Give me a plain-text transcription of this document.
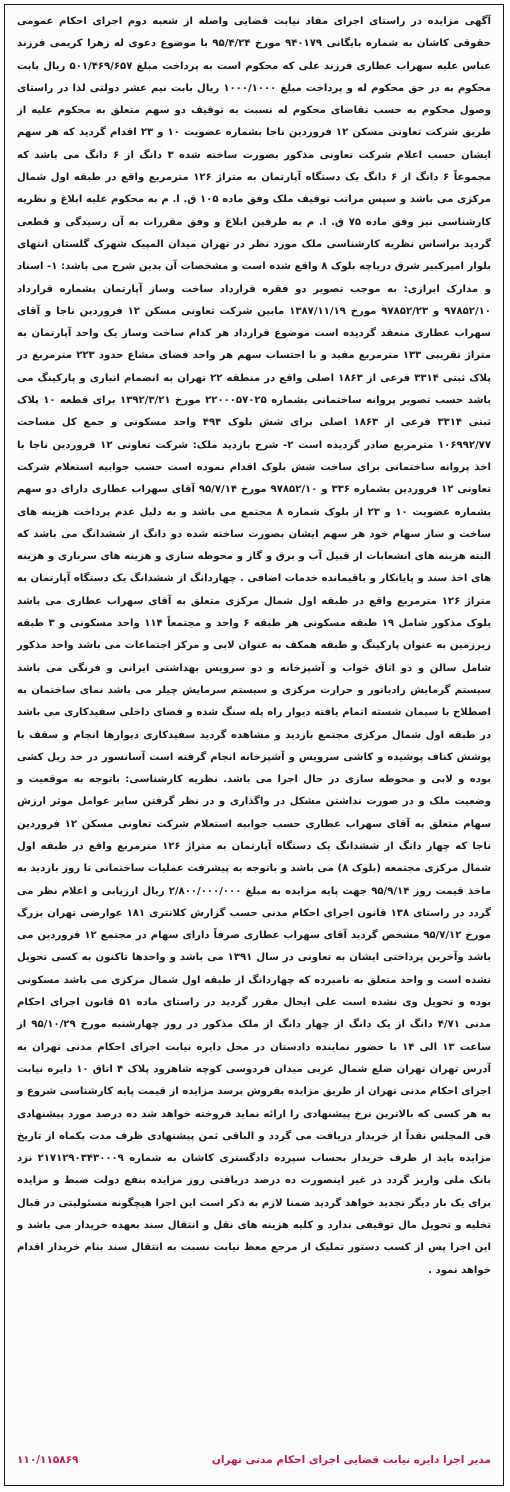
آگهی مزایده در راستای اجرای مفاد نیابت قضایی واصله از شعبه دوم اجرای احکام عمومی حقوقی کاشان به شماره بایگانی ۹۴۰۱۷۹ مورخ ۹۵/۴/۲۴ با موضوع دعوی له زهرا کریمی فرزند عباس علیه سهراب عطاری فرزند علی که محکوم است به پرداخت مبلغ ۵۰۱/۴۶۹/۶۵۷ ریال بابت محکوم به در حق محکوم له و پرداخت مبلغ ۱۰۰۰/۱۰۰۰ ریال بابت نیم عشر دولتی لذا در راستای وصول محکوم به حسب تقاضای محکوم له نسبت به توقیف دو سهم متعلق به محکوم علیه از طریق شرکت تعاونی مسکن ۱۲ فروردین ناجا بشماره عضویت ۱۰ و ۲۳ اقدام گردید که هر سهم ایشان حسب اعلام شرکت تعاونی مذکور بصورت ساخته شده ۳ دانگ از ۶ دانگ می باشد که مجموعاً ۶ دانگ از ۶ دانگ یک دستگاه آپارتمان به متراژ ۱۲۶ مترمربع واقع در طبقه اول شمال مرکزی می باشد و سپس مراتب توقیف ملک وفق ماده ۱۰۵ ق. ا. م به محکوم علیه ابلاغ و نظریه کارشناسی نیز وفق ماده ۷۵ ق. ا. م به طرفین ابلاغ و وفق مقررات به آن رسیدگی و قطعی گردید براساس نظریه کارشناسی ملک مورد نظر در تهران میدان المپیک شهرک گلستان انتهای بلوار امیرکبیر شرق دریاچه بلوک ۸ واقع شده است و مشخصات آن بدین شرح می باشد: ۱- اسناد و مدارک ابرازی: به موجب تصویر دو فقره قرارداد ساخت وساز آپارتمان بشماره قرارداد ۹۷۸۵۲/۱۰ و ۹۷۸۵۲/۲۳ مورخ ۱۳۸۷/۱۱/۱۹ مابین شرکت تعاونی مسکن ۱۲ فروردین ناجا و آقای سهراب عطاری منعقد گردیده است موضوع قرارداد هر کدام ساخت وساز یک واحد آپارتمان به متراژ تقریبی ۱۳۳ مترمربع مفید و با احتساب سهم هر واحد فضای مشاع حدود ۲۲۳ مترمربع در پلاک ثبتی ۳۳۱۴ فرعی از ۱۸۶۳ اصلی واقع در منطقه ۲۲ تهران به انضمام انباری و پارکینگ می باشد حسب تصویر پروانه ساختمانی بشماره ۲۲۰۰۰۵۷۰۲۵ مورخ ۱۳۹۲/۳/۲۱ برای قطعه ۱۰ پلاک ثبتی ۳۳۱۴ فرعی از ۱۸۶۳ اصلی برای شش بلوک ۴۹۴ واحد مسکونی و جمع کل مساحت ۱۰۶۹۹۲/۷۷ مترمربع صادر گردیده است ۲- شرح بازدید ملک: شرکت تعاونی ۱۲ فروردین ناجا با اخذ پروانه ساختمانی برای ساخت شش بلوک اقدام نموده است حسب جوابیه استعلام شرکت تعاونی ۱۲ فروردین بشماره ۳۳۶ و ۹۷۸۵۲/۱۰ مورخ ۹۵/۷/۱۴ آقای سهراب عطاری دارای دو سهم بشماره عضویت ۱۰ و ۲۳ از بلوک شماره ۸ مجتمع می باشد و به دلیل عدم پرداخت هزینه های ساخت و ساز سهام خود هر سهم ایشان بصورت ساخته شده دو دانگ از ششدانگ می باشد که البته هزینه های انشعابات از قبیل آب و برق و گاز و محوطه سازی و هزینه های سرباری و هزینه های اخذ سند و پایانکار و باقیمانده خدمات اضافی . چهاردانگ از ششدانگ یک دستگاه آپارتمان به متراژ ۱۲۶ مترمربع واقع در طبقه اول شمال مرکزی متعلق به آقای سهراب عطاری می باشد بلوک مذکور شامل ۱۹ طبقه مسکونی هر طبقه ۶ واحد و مجتمعاً ۱۱۴ واحد مسکونی و ۳ طبقه زیرزمین به عنوان پارکینگ و طبقه همکف به عنوان لابی و مرکز اجتماعات می باشد واحد مذکور شامل سالن و دو اتاق خواب و آشپزخانه و دو سرویس بهداشتی ایرانی و فرنگی می باشد سیستم گرمایش رادیاتور و حرارت مرکزی و سیستم سرمایش چیلر می باشد نمای ساختمان به اصطلاح با سیمان شسته اتمام یافته دیوار راه پله سنگ شده و فضای داخلی سفیدکاری می باشد در طبقه اول شمال مرکزی مجتمع بازدید و مشاهده گردید سفیدکاری دیوارها انجام و سقف با پوشش کناف پوشیده و کاشی سرویس و آشپزخانه انجام گرفته است آسانسور در حد ریل کشی بوده و لابی و محوطه سازی در حال اجرا می باشد. نظریه کارشناسی: باتوجه به موقعیت و وضعیت ملک و در صورت نداشتن مشکل در واگذاری و در نظر گرفتن سایر عوامل موثر ارزش سهام متعلق به آقای سهراب عطاری حسب جوابیه استعلام شرکت تعاونی مسکن ۱۲ فروردین ناجا که چهار دانگ از ششدانگ یک دستگاه آپارتمان به متراژ ۱۲۶ مترمربع واقع در طبقه اول شمال مرکزی مجتمعه (بلوک ۸) می باشد و باتوجه به پیشرفت عملیات ساختمانی تا روز بازدید به ماخذ قیمت روز ۹۵/۹/۱۴ جهت پایه مزایده به مبلغ ۲/۸۰۰/۰۰۰/۰۰۰ ریال ارزیابی و اعلام نظر می گردد در راستای ۱۳۸ قانون اجرای احکام مدنی حسب گزارش کلانتری ۱۸۱ عوارضی تهران بزرگ مورخ ۹۵/۷/۱۲ مشخص گردید آقای سهراب عطاری صرفاً دارای سهام در مجتمع ۱۲ فروردین می باشد وآخرین پرداختی ایشان به تعاونی در سال ۱۳۹۱ می باشد و واحدها تاکنون به کسی تحویل نشده است و واحد متعلق به نامبرده که چهاردانگ از طبقه اول شمال مرکزی می باشد مسکونی بوده و تحویل وی نشده است علی ایحال مقرر گردید در راستای ماده ۵۱ قانون اجرای احکام مدنی ۴/۷۱ دانگ از یک دانگ از چهار دانگ از ملک مذکور در روز چهارشنبه مورخ ۹۵/۱۰/۲۹ از ساعت ۱۳ الی ۱۴ با حضور نماینده دادستان در محل دایره نیابت اجرای احکام مدنی تهران به آدرس تهران تهران ضلع شمال غربی میدان فردوسی کوچه شاهرود پلاک ۴ اتاق ۱۰ دایره نیابت اجرای احکام مدنی تهران از طریق مزایده بفروش برسد مزایده از قیمت پایه کارشناسی شروع و به هر کسی که بالاترین نرخ پیشنهادی را ارائه نماید فروخته خواهد شد ده درصد مورد پیشنهادی فی المجلس نقداً از خریدار دریافت می گردد و الباقی ثمن پیشنهادی ظرف مدت یکماه از تاریخ مزایده باید از طرف خریدار بحساب سپرده دادگستری کاشان به شماره ۲۱۷۱۲۹۰۳۴۳۰۰۰۹ نزد بانک ملی واریز گردد در غیر اینصورت ده درصد دریافتی روز مزایده بنفع دولت ضبط و مزایده برای یک بار دیگر تجدید خواهد گردید ضمنا لازم به ذکر است این اجرا هیچگونه مسئولیتی در قبال تخلیه و تحویل مال توقیفی ندارد و کلیه هزینه های نقل و انتقال سند بعهده خریدار می باشد و این اجرا پس از کسب دستور تملیک از مرجع معظ نیابت نسبت به انتقال سند بنام خریدار اقدام خواهد نمود .

مدیر اجرا دایره نیابت قضایی اجرای احکام مدنی تهران
۱۱۰/۱۱۵۸۶۹
